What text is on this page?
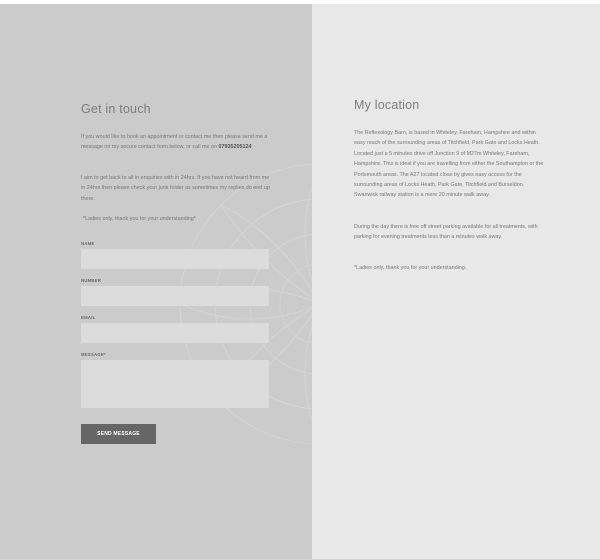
Get in touch

If you would like to book an appointment or contact me then please send me a message on my secure contact form below, or call me on 07935205124

I aim to get back to all in enquiries with in 24hrs. If you have not heard from me in 24hrs then please check your junk folder as sometimes my replies do end up there.

*Ladies only, thank you for your understanding*

NAME
NUMBER
EMAIL
MESSAGE*
SEND MESSAGE
My location

The Reflexology Barn, is based in Whiteley, Fareham, Hampshire and within easy reach of the surrounding areas of Titchfield, Park Gate and Locks Heath. Located just a 5 minutes drive off Junction 9 of M27m Whiteley, Fareham, Hampshire. This is ideal if you are travelling from either the Southampton or the Portsmouth areas. The A27 located close by gives easy access for the surrounding areas of Locks Heath, Park Gate, Titchfield and Burseldon. Swanwick railway station is a mere 20 minute walk away.

During the day there is free off street parking available for all treatments, with parking for evening treatments less than a minutes walk away.

*Ladies only, thank you for your understanding.
